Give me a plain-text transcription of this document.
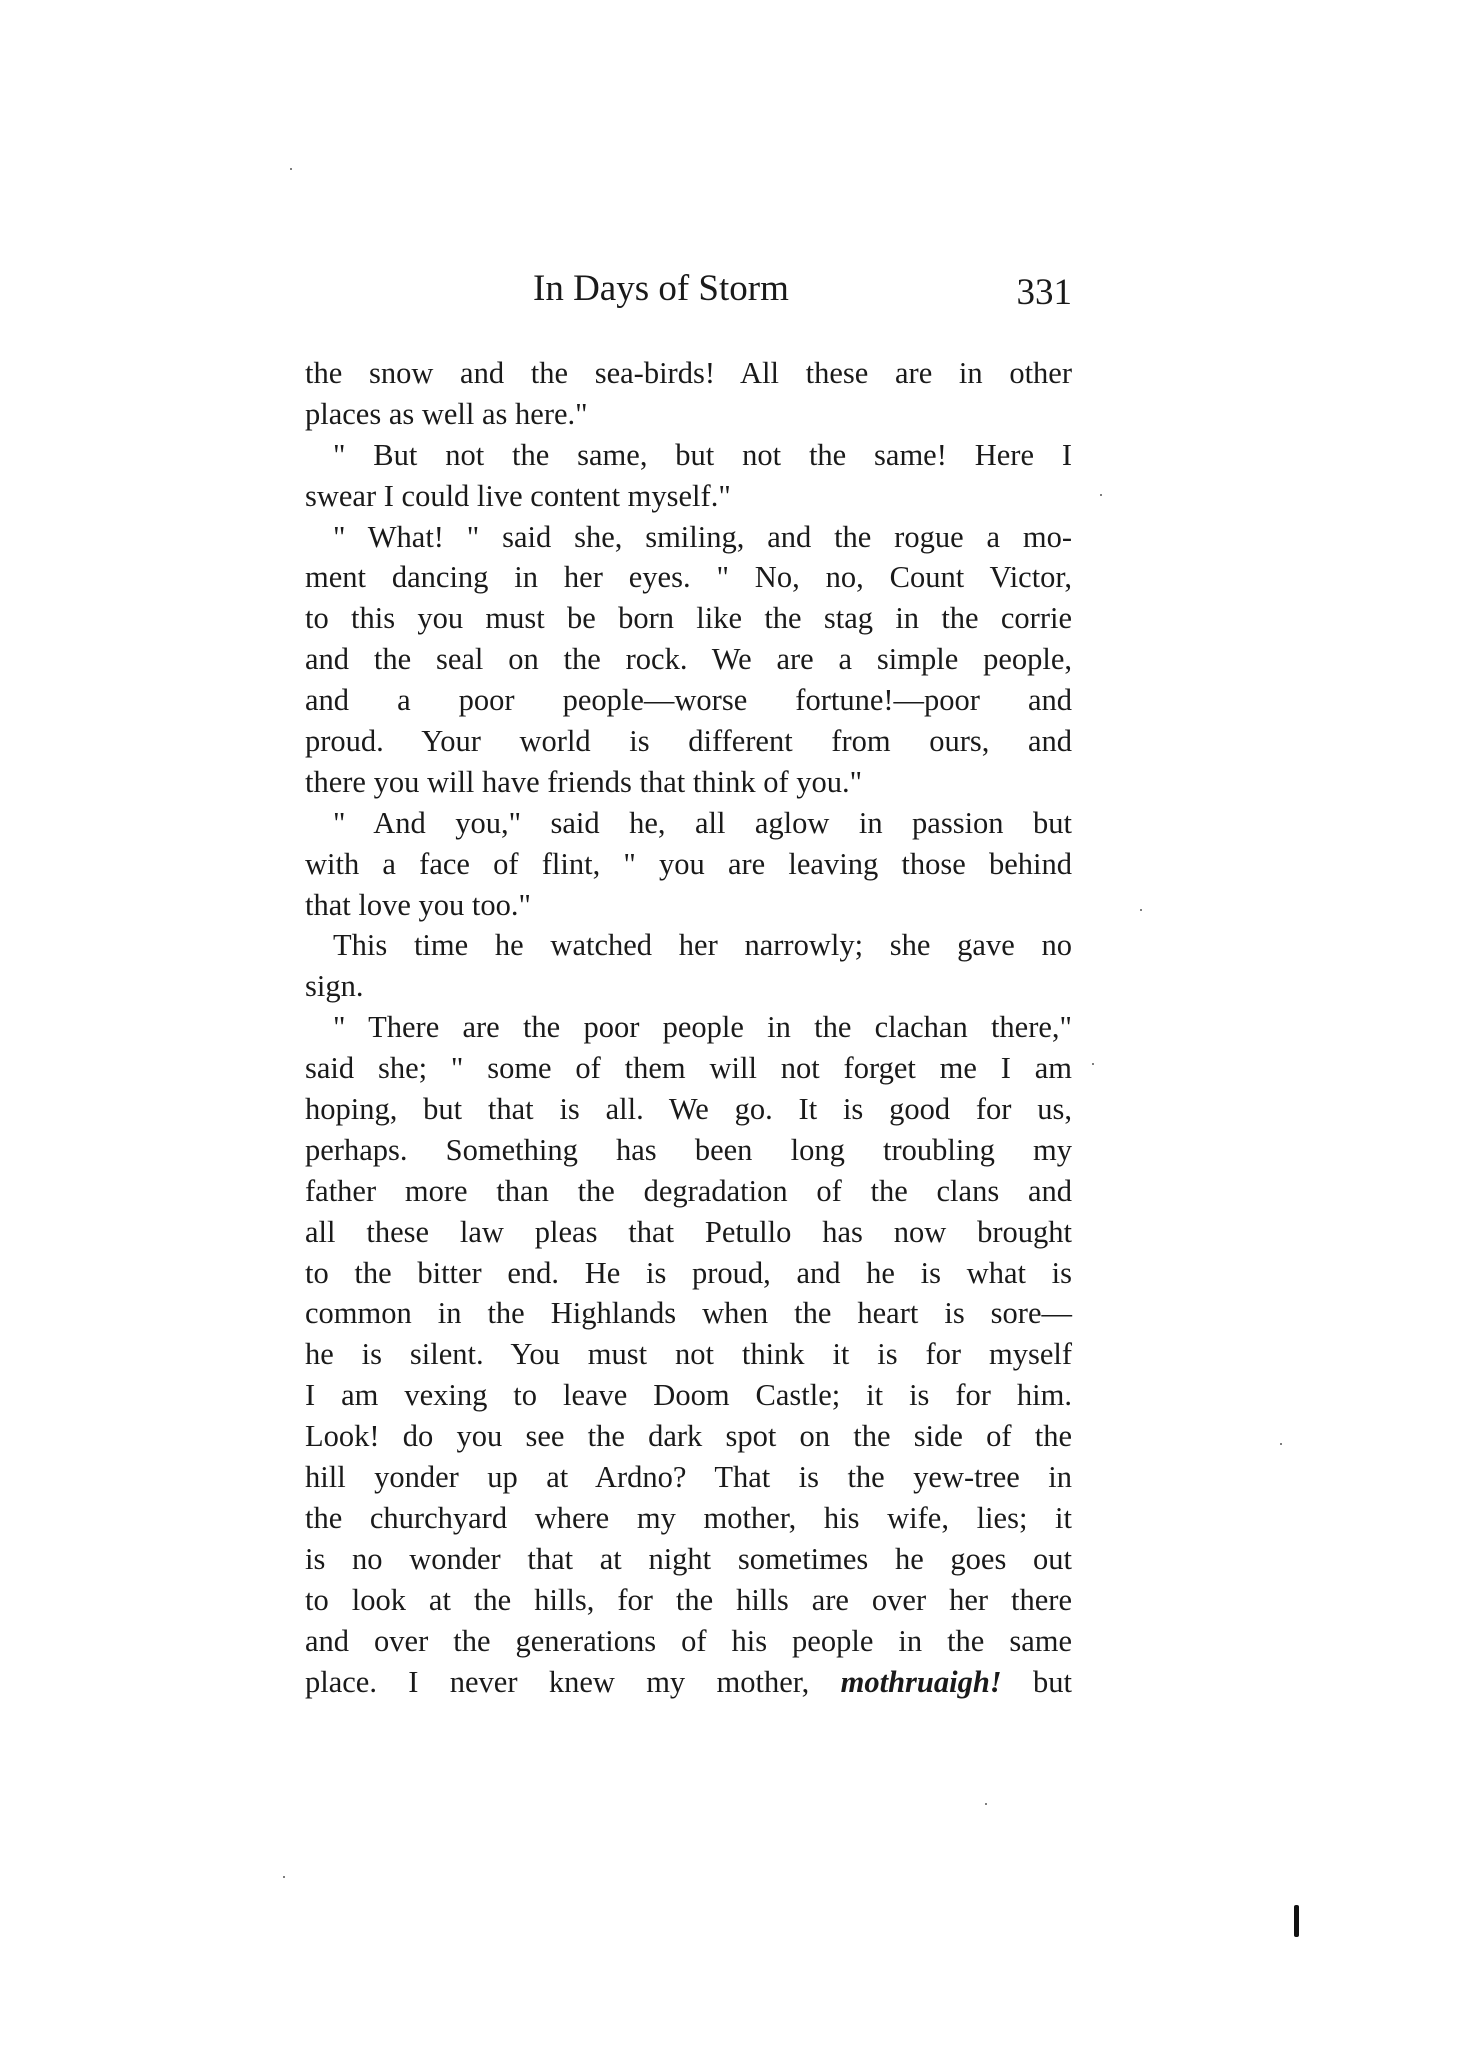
In Days of Storm	331
the snow and the sea-birds! All these are in other
places as well as here."
" But not the same, but not the same! Here I
swear I could live content myself."
" What! " said she, smiling, and the rogue a mo-
ment dancing in her eyes. " No, no, Count Victor,
to this you must be born like the stag in the corrie
and the seal on the rock. We are a simple people,
and a poor people—worse fortune!—poor and
proud. Your world is different from ours, and
there you will have friends that think of you."
" And you," said he, all aglow in passion but
with a face of flint, " you are leaving those behind
that love you too."
This time he watched her narrowly; she gave no
sign.
" There are the poor people in the clachan there,"
said she; " some of them will not forget me I am
hoping, but that is all. We go. It is good for us,
perhaps. Something has been long troubling my
father more than the degradation of the clans and
all these law pleas that Petullo has now brought
to the bitter end. He is proud, and he is what is
common in the Highlands when the heart is sore—
he is silent. You must not think it is for myself
I am vexing to leave Doom Castle; it is for him.
Look! do you see the dark spot on the side of the
hill yonder up at Ardno? That is the yew-tree in
the churchyard where my mother, his wife, lies; it
is no wonder that at night sometimes he goes out
to look at the hills, for the hills are over her there
and over the generations of his people in the same
place. I never knew my mother, mothruaigh! but
